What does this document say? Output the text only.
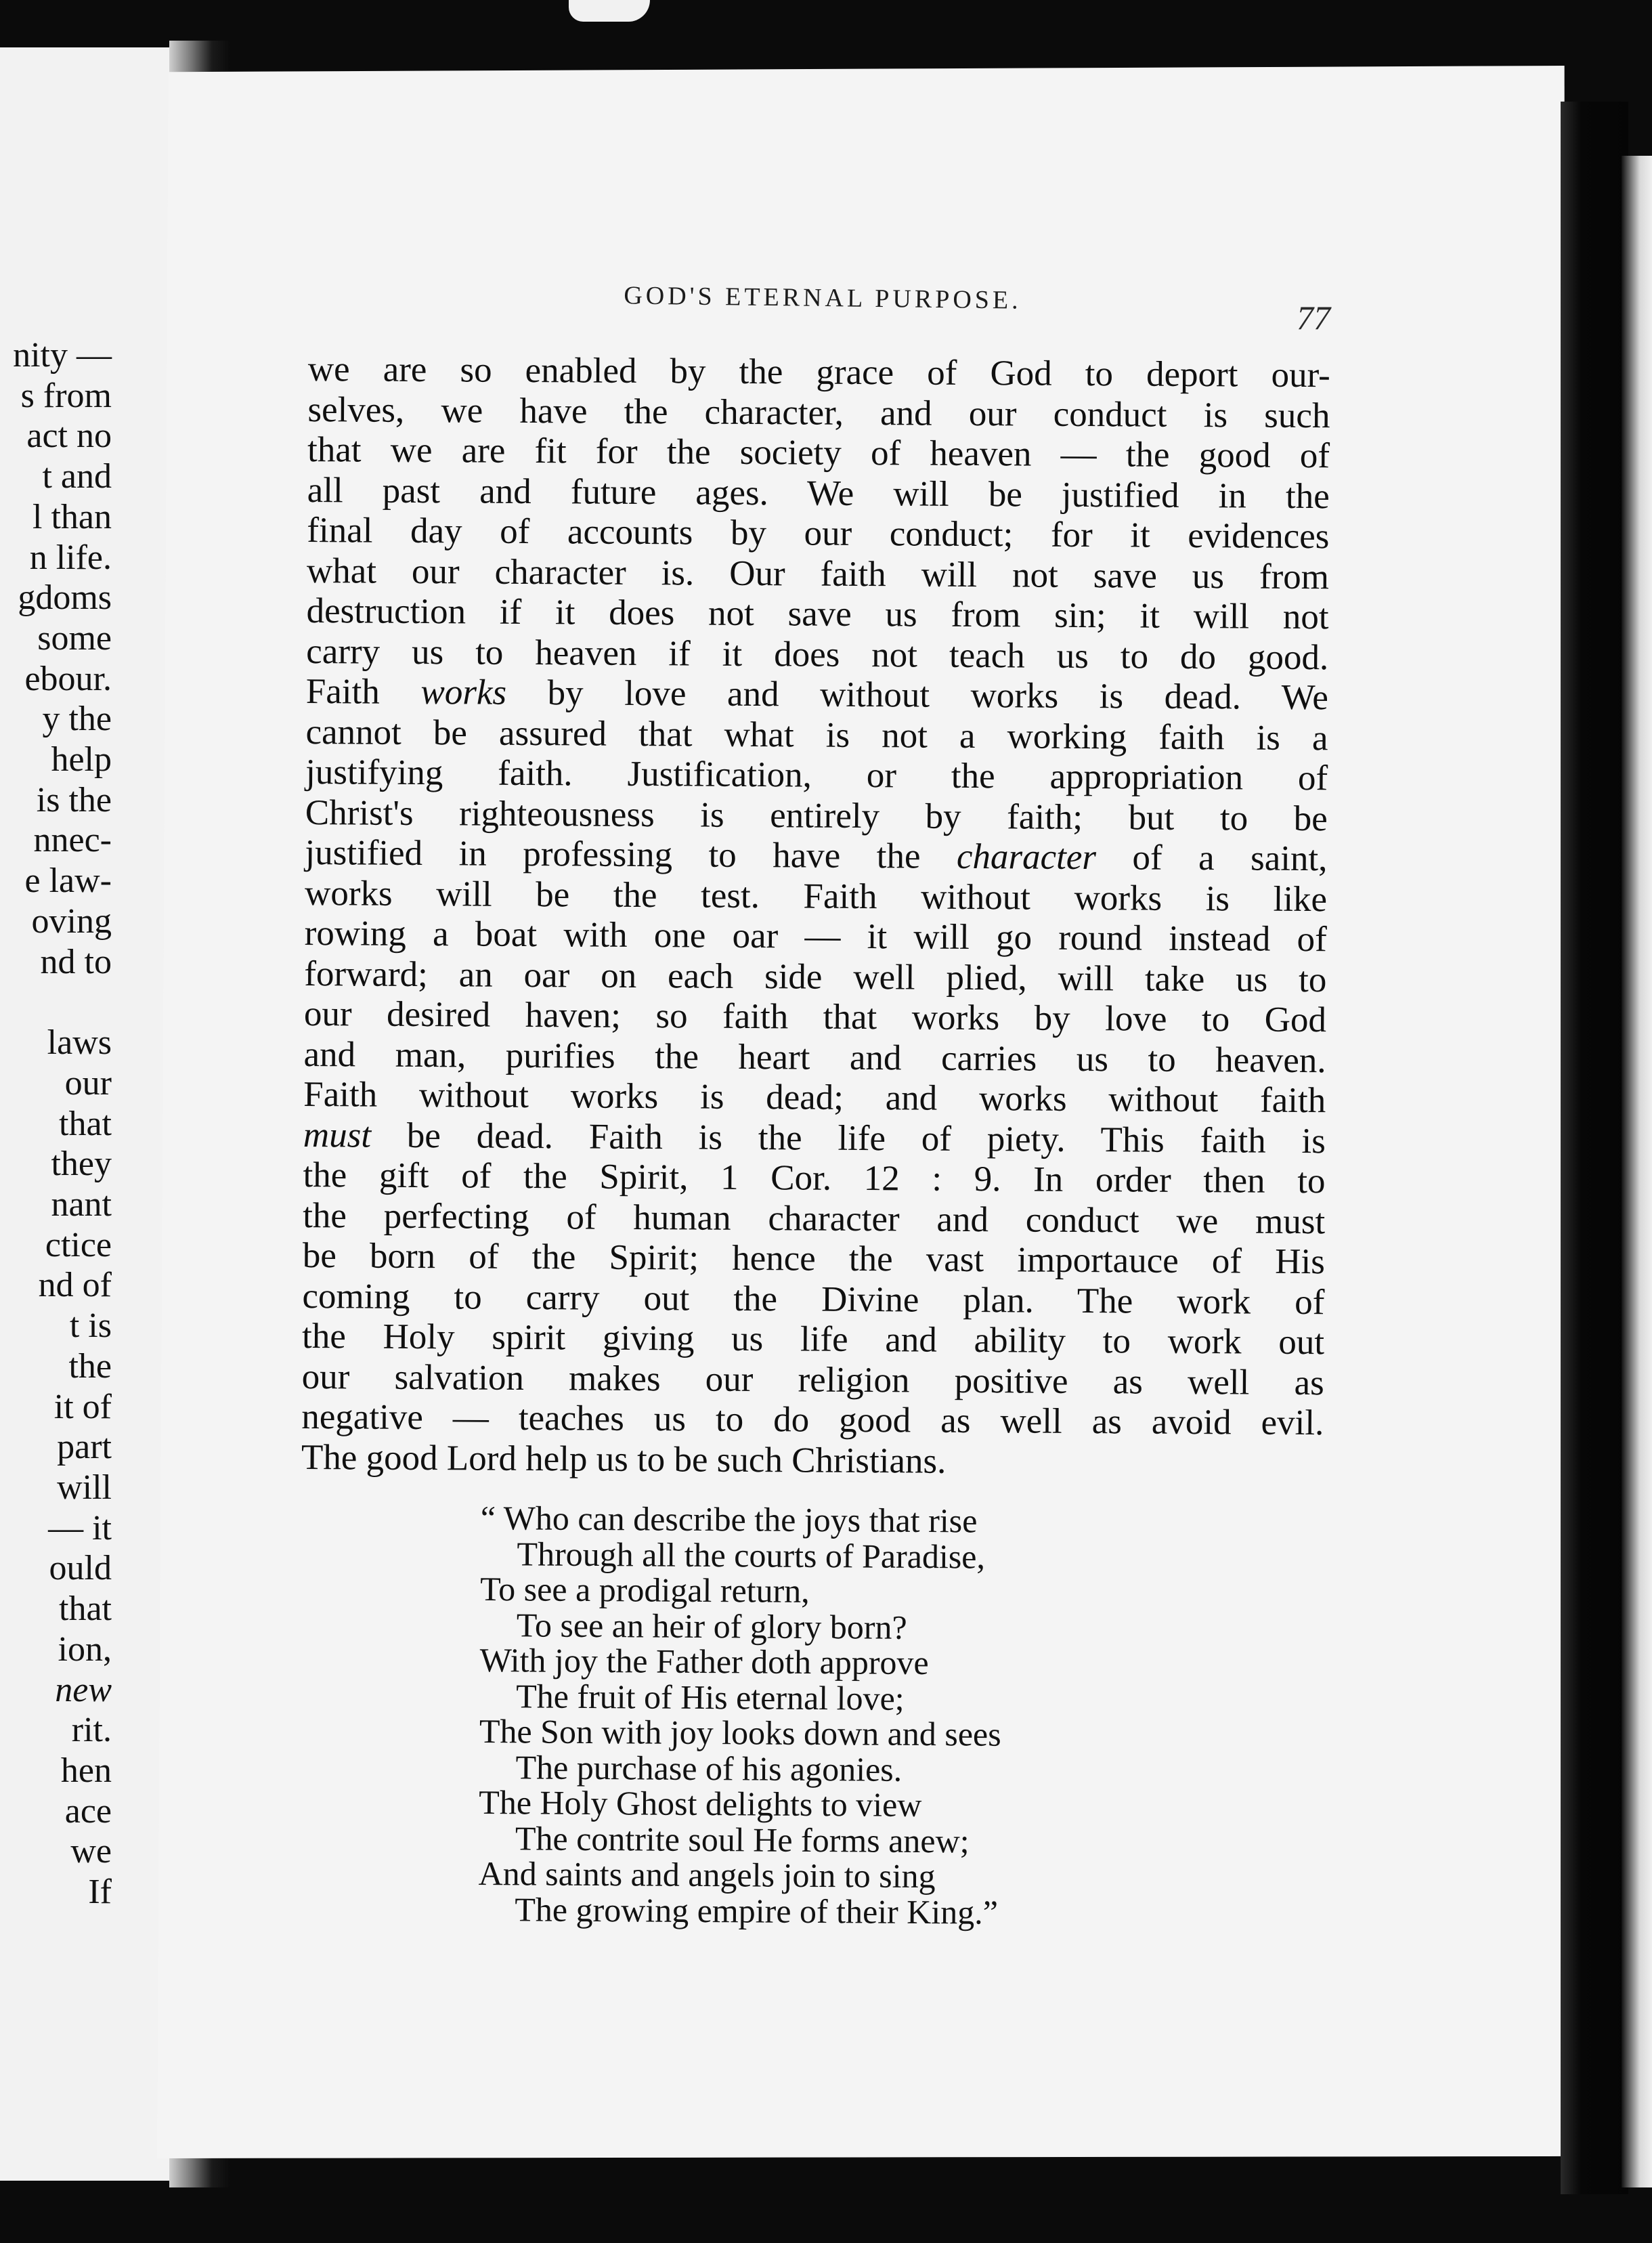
nity —
s from
act no
t and
l than
n life.
gdoms
some
ebour.
y the
help
is the
nnec-
e law-
oving
nd to
laws
our
that
they
nant
ctice
nd of
t is
the
it of
part
will
— it
ould
that
ion,
new
rit.
hen
ace
we
If
GOD'S ETERNAL PURPOSE.
77
we are so enabled by the grace of God to deport our-
selves, we have the character, and our conduct is such
that we are fit for the society of heaven — the good of
all past and future ages. We will be justified in the
final day of accounts by our conduct; for it evidences
what our character is. Our faith will not save us from
destruction if it does not save us from sin; it will not
carry us to heaven if it does not teach us to do good.
Faith works by love and without works is dead. We
cannot be assured that what is not a working faith is a
justifying faith. Justification, or the appropriation of
Christ's righteousness is entirely by faith; but to be
justified in professing to have the character of a saint,
works will be the test. Faith without works is like
rowing a boat with one oar — it will go round instead of
forward; an oar on each side well plied, will take us to
our desired haven; so faith that works by love to God
and man, purifies the heart and carries us to heaven.
Faith without works is dead; and works without faith
must be dead. Faith is the life of piety. This faith is
the gift of the Spirit, 1 Cor. 12 : 9. In order then to
the perfecting of human character and conduct we must
be born of the Spirit; hence the vast importauce of His
coming to carry out the Divine plan. The work of
the Holy spirit giving us life and ability to work out
our salvation makes our religion positive as well as
negative — teaches us to do good as well as avoid evil.
The good Lord help us to be such Christians.
“ Who can describe the joys that rise
Through all the courts of Paradise,
To see a prodigal return,
To see an heir of glory born?
With joy the Father doth approve
The fruit of His eternal love;
The Son with joy looks down and sees
The purchase of his agonies.
The Holy Ghost delights to view
The contrite soul He forms anew;
And saints and angels join to sing
The growing empire of their King.”
